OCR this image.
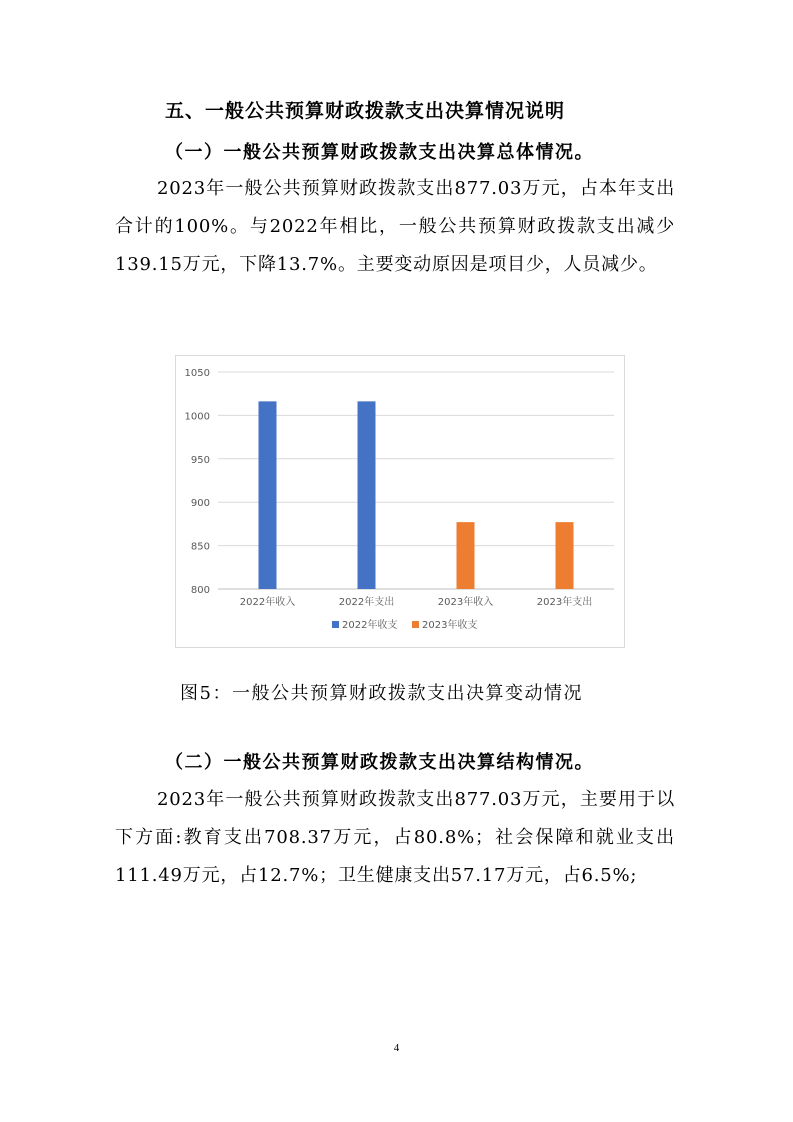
五、一般公共预算财政拨款支出决算情况说明
（一）一般公共预算财政拨款支出决算总体情况。

2023年一般公共预算财政拨款支出877.03万元，占本年支出合计的100%。与2022年相比，一般公共预算财政拨款支出减少139.15万元，下降13.7%。主要变动原因是项目少，人员减少。

800
850
900
950
1000
1050
2022年收入	2022年支出	2023年收入	2023年支出
2022年收支 2023年收支

图5：一般公共预算财政拨款支出决算变动情况

（二）一般公共预算财政拨款支出决算结构情况。

2023年一般公共预算财政拨款支出877.03万元，主要用于以下方面:教育支出708.37万元，占80.8%；社会保障和就业支出111.49万元，占12.7%；卫生健康支出57.17万元，占6.5%;

4
